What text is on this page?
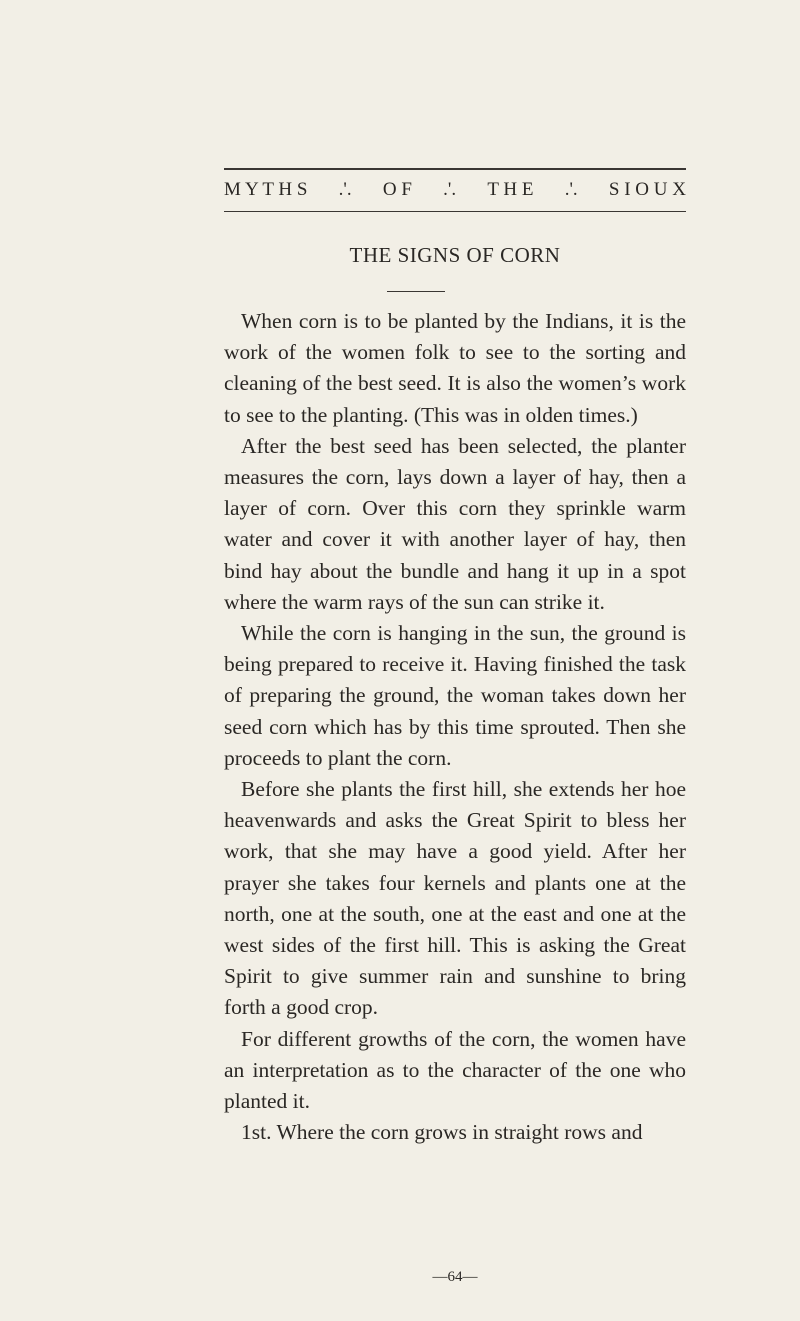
M Y T H S .'. O F .'. T H E .'. S I O U X
THE SIGNS OF CORN

When corn is to be planted by the Indians, it is the work of the women folk to see to the sorting and cleaning of the best seed. It is also the women’s work to see to the planting. (This was in olden times.)

After the best seed has been selected, the planter measures the corn, lays down a layer of hay, then a layer of corn. Over this corn they sprinkle warm water and cover it with another layer of hay, then bind hay about the bundle and hang it up in a spot where the warm rays of the sun can strike it.

While the corn is hanging in the sun, the ground is being prepared to receive it. Having finished the task of preparing the ground, the woman takes down her seed corn which has by this time sprouted. Then she proceeds to plant the corn.

Before she plants the first hill, she extends her hoe heavenwards and asks the Great Spirit to bless her work, that she may have a good yield. After her prayer she takes four kernels and plants one at the north, one at the south, one at the east and one at the west sides of the first hill. This is asking the Great Spirit to give summer rain and sunshine to bring forth a good crop.

For different growths of the corn, the women have an interpretation as to the character of the one who planted it.

1st. Where the corn grows in straight rows and

—64—
